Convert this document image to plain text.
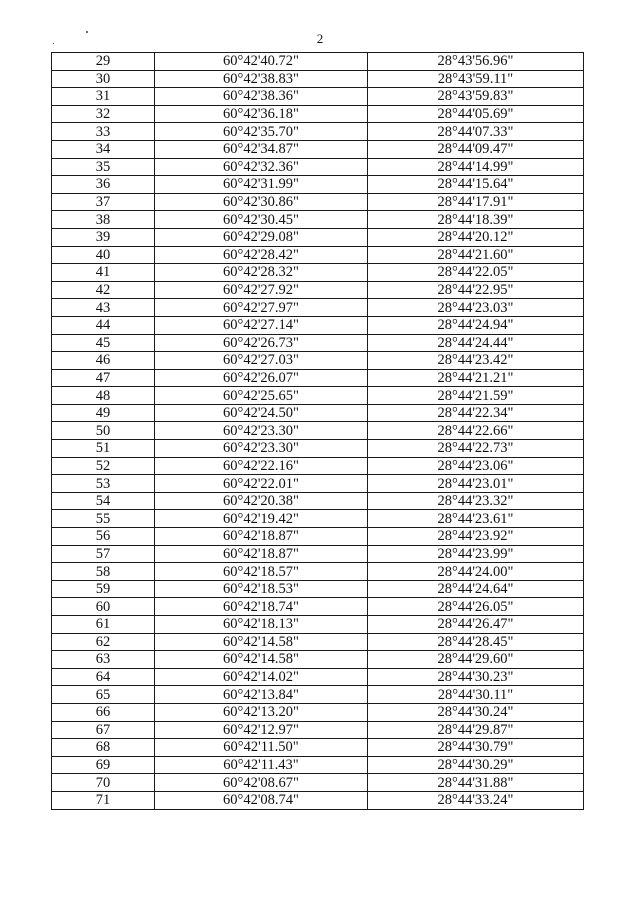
2
29	60°42'40.72"	28°43'56.96"
30	60°42'38.83"	28°43'59.11"
31	60°42'38.36"	28°43'59.83"
32	60°42'36.18"	28°44'05.69"
33	60°42'35.70"	28°44'07.33"
34	60°42'34.87"	28°44'09.47"
35	60°42'32.36"	28°44'14.99"
36	60°42'31.99"	28°44'15.64"
37	60°42'30.86"	28°44'17.91"
38	60°42'30.45"	28°44'18.39"
39	60°42'29.08"	28°44'20.12"
40	60°42'28.42"	28°44'21.60"
41	60°42'28.32"	28°44'22.05"
42	60°42'27.92"	28°44'22.95"
43	60°42'27.97"	28°44'23.03"
44	60°42'27.14"	28°44'24.94"
45	60°42'26.73"	28°44'24.44"
46	60°42'27.03"	28°44'23.42"
47	60°42'26.07"	28°44'21.21"
48	60°42'25.65"	28°44'21.59"
49	60°42'24.50"	28°44'22.34"
50	60°42'23.30"	28°44'22.66"
51	60°42'23.30"	28°44'22.73"
52	60°42'22.16"	28°44'23.06"
53	60°42'22.01"	28°44'23.01"
54	60°42'20.38"	28°44'23.32"
55	60°42'19.42"	28°44'23.61"
56	60°42'18.87"	28°44'23.92"
57	60°42'18.87"	28°44'23.99"
58	60°42'18.57"	28°44'24.00"
59	60°42'18.53"	28°44'24.64"
60	60°42'18.74"	28°44'26.05"
61	60°42'18.13"	28°44'26.47"
62	60°42'14.58"	28°44'28.45"
63	60°42'14.58"	28°44'29.60"
64	60°42'14.02"	28°44'30.23"
65	60°42'13.84"	28°44'30.11"
66	60°42'13.20"	28°44'30.24"
67	60°42'12.97"	28°44'29.87"
68	60°42'11.50"	28°44'30.79"
69	60°42'11.43"	28°44'30.29"
70	60°42'08.67"	28°44'31.88"
71	60°42'08.74"	28°44'33.24"
